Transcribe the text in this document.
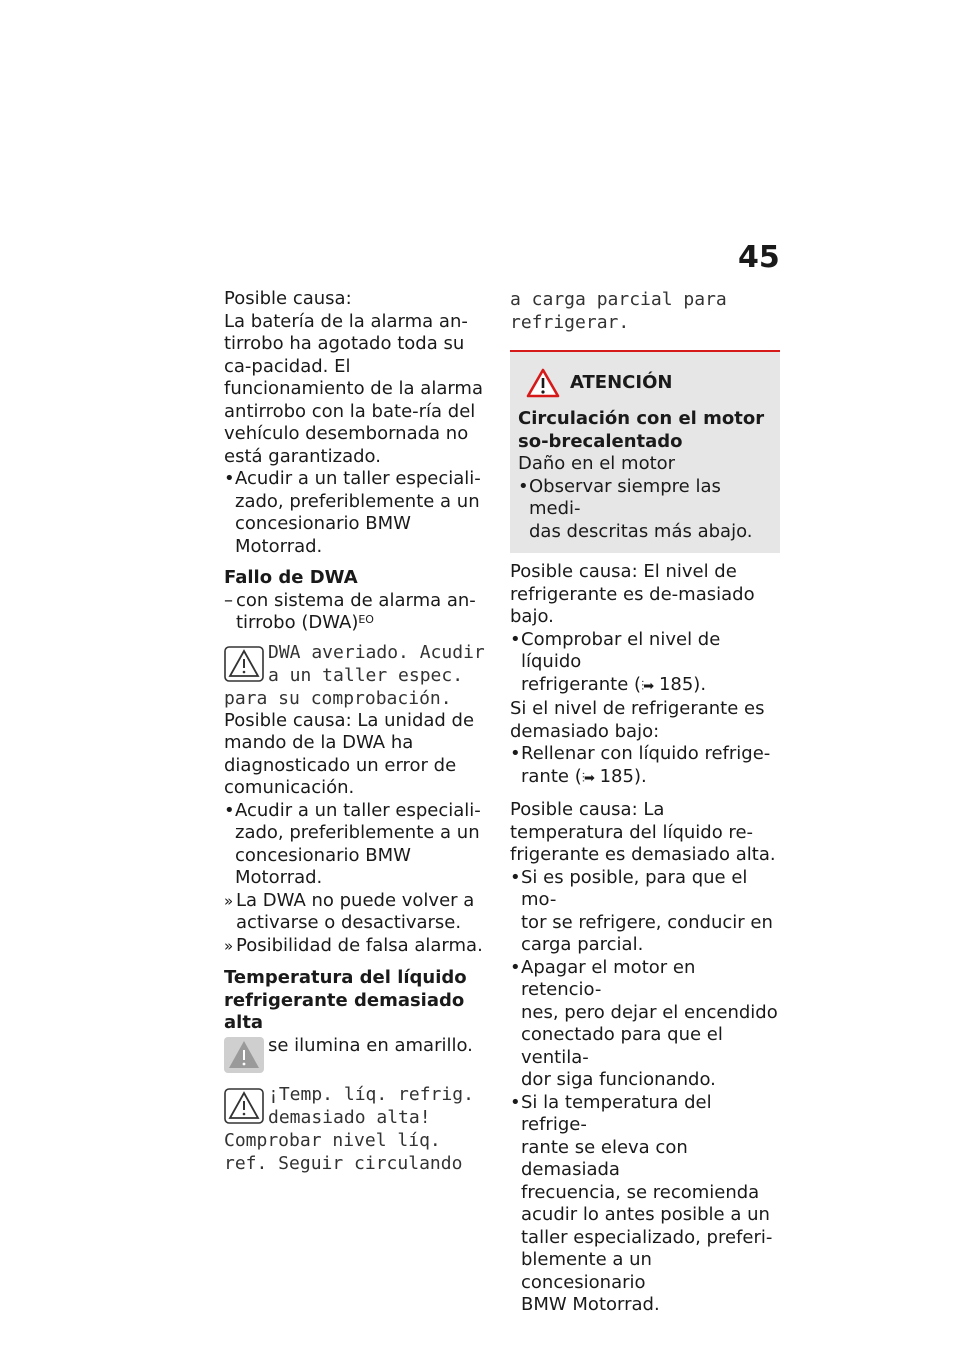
45

Posible causa:
La batería de la alarma an-tirrobo ha agotado toda su ca-pacidad. El funcionamiento de la alarma antirrobo con la bate-ría del vehículo desembornada no está garantizado.

• Acudir a un taller especiali-
zado, preferiblemente a un
concesionario BMW Motorrad.

Fallo de DWA

– con sistema de alarma an-
tirrobo (DWA)$^{EO}$
DWA averiado. Acudir
a un taller espec.
para su comprobación.

Posible causa: La unidad de mando de la DWA ha diagnosticado un error de comunicación.

• Acudir a un taller especiali-
zado, preferiblemente a un
concesionario BMW Motorrad.
» La DWA no puede volver a
activarse o desactivarse.
» Posibilidad de falsa alarma.

Temperatura del líquido refrigerante demasiado alta

se ilumina en amarillo.
¡Temp. líq. refrig.
demasiado alta!
Comprobar nivel líq.
ref. Seguir circulando
a carga parcial para
refrigerar.
ATENCIÓN

Circulación con el motor so-brecalentado

Daño en el motor

• Observar siempre las medi-
das descritas más abajo.

Posible causa: El nivel de refrigerante es de-masiado bajo.

• Comprobar el nivel de líquido
refrigerante (⫶➡ 185).

Si el nivel de refrigerante es demasiado bajo:

• Rellenar con líquido refrige-
rante (⫶➡ 185).

Posible causa: La temperatura del líquido re-frigerante es demasiado alta.

• Si es posible, para que el mo-
tor se refrigere, conducir en
carga parcial.
• Apagar el motor en retencio-
nes, pero dejar el encendido
conectado para que el ventila-
dor siga funcionando.
• Si la temperatura del refrige-
rante se eleva con demasiada
frecuencia, se recomienda
acudir lo antes posible a un
taller especializado, preferi-
blemente a un concesionario
BMW Motorrad.
